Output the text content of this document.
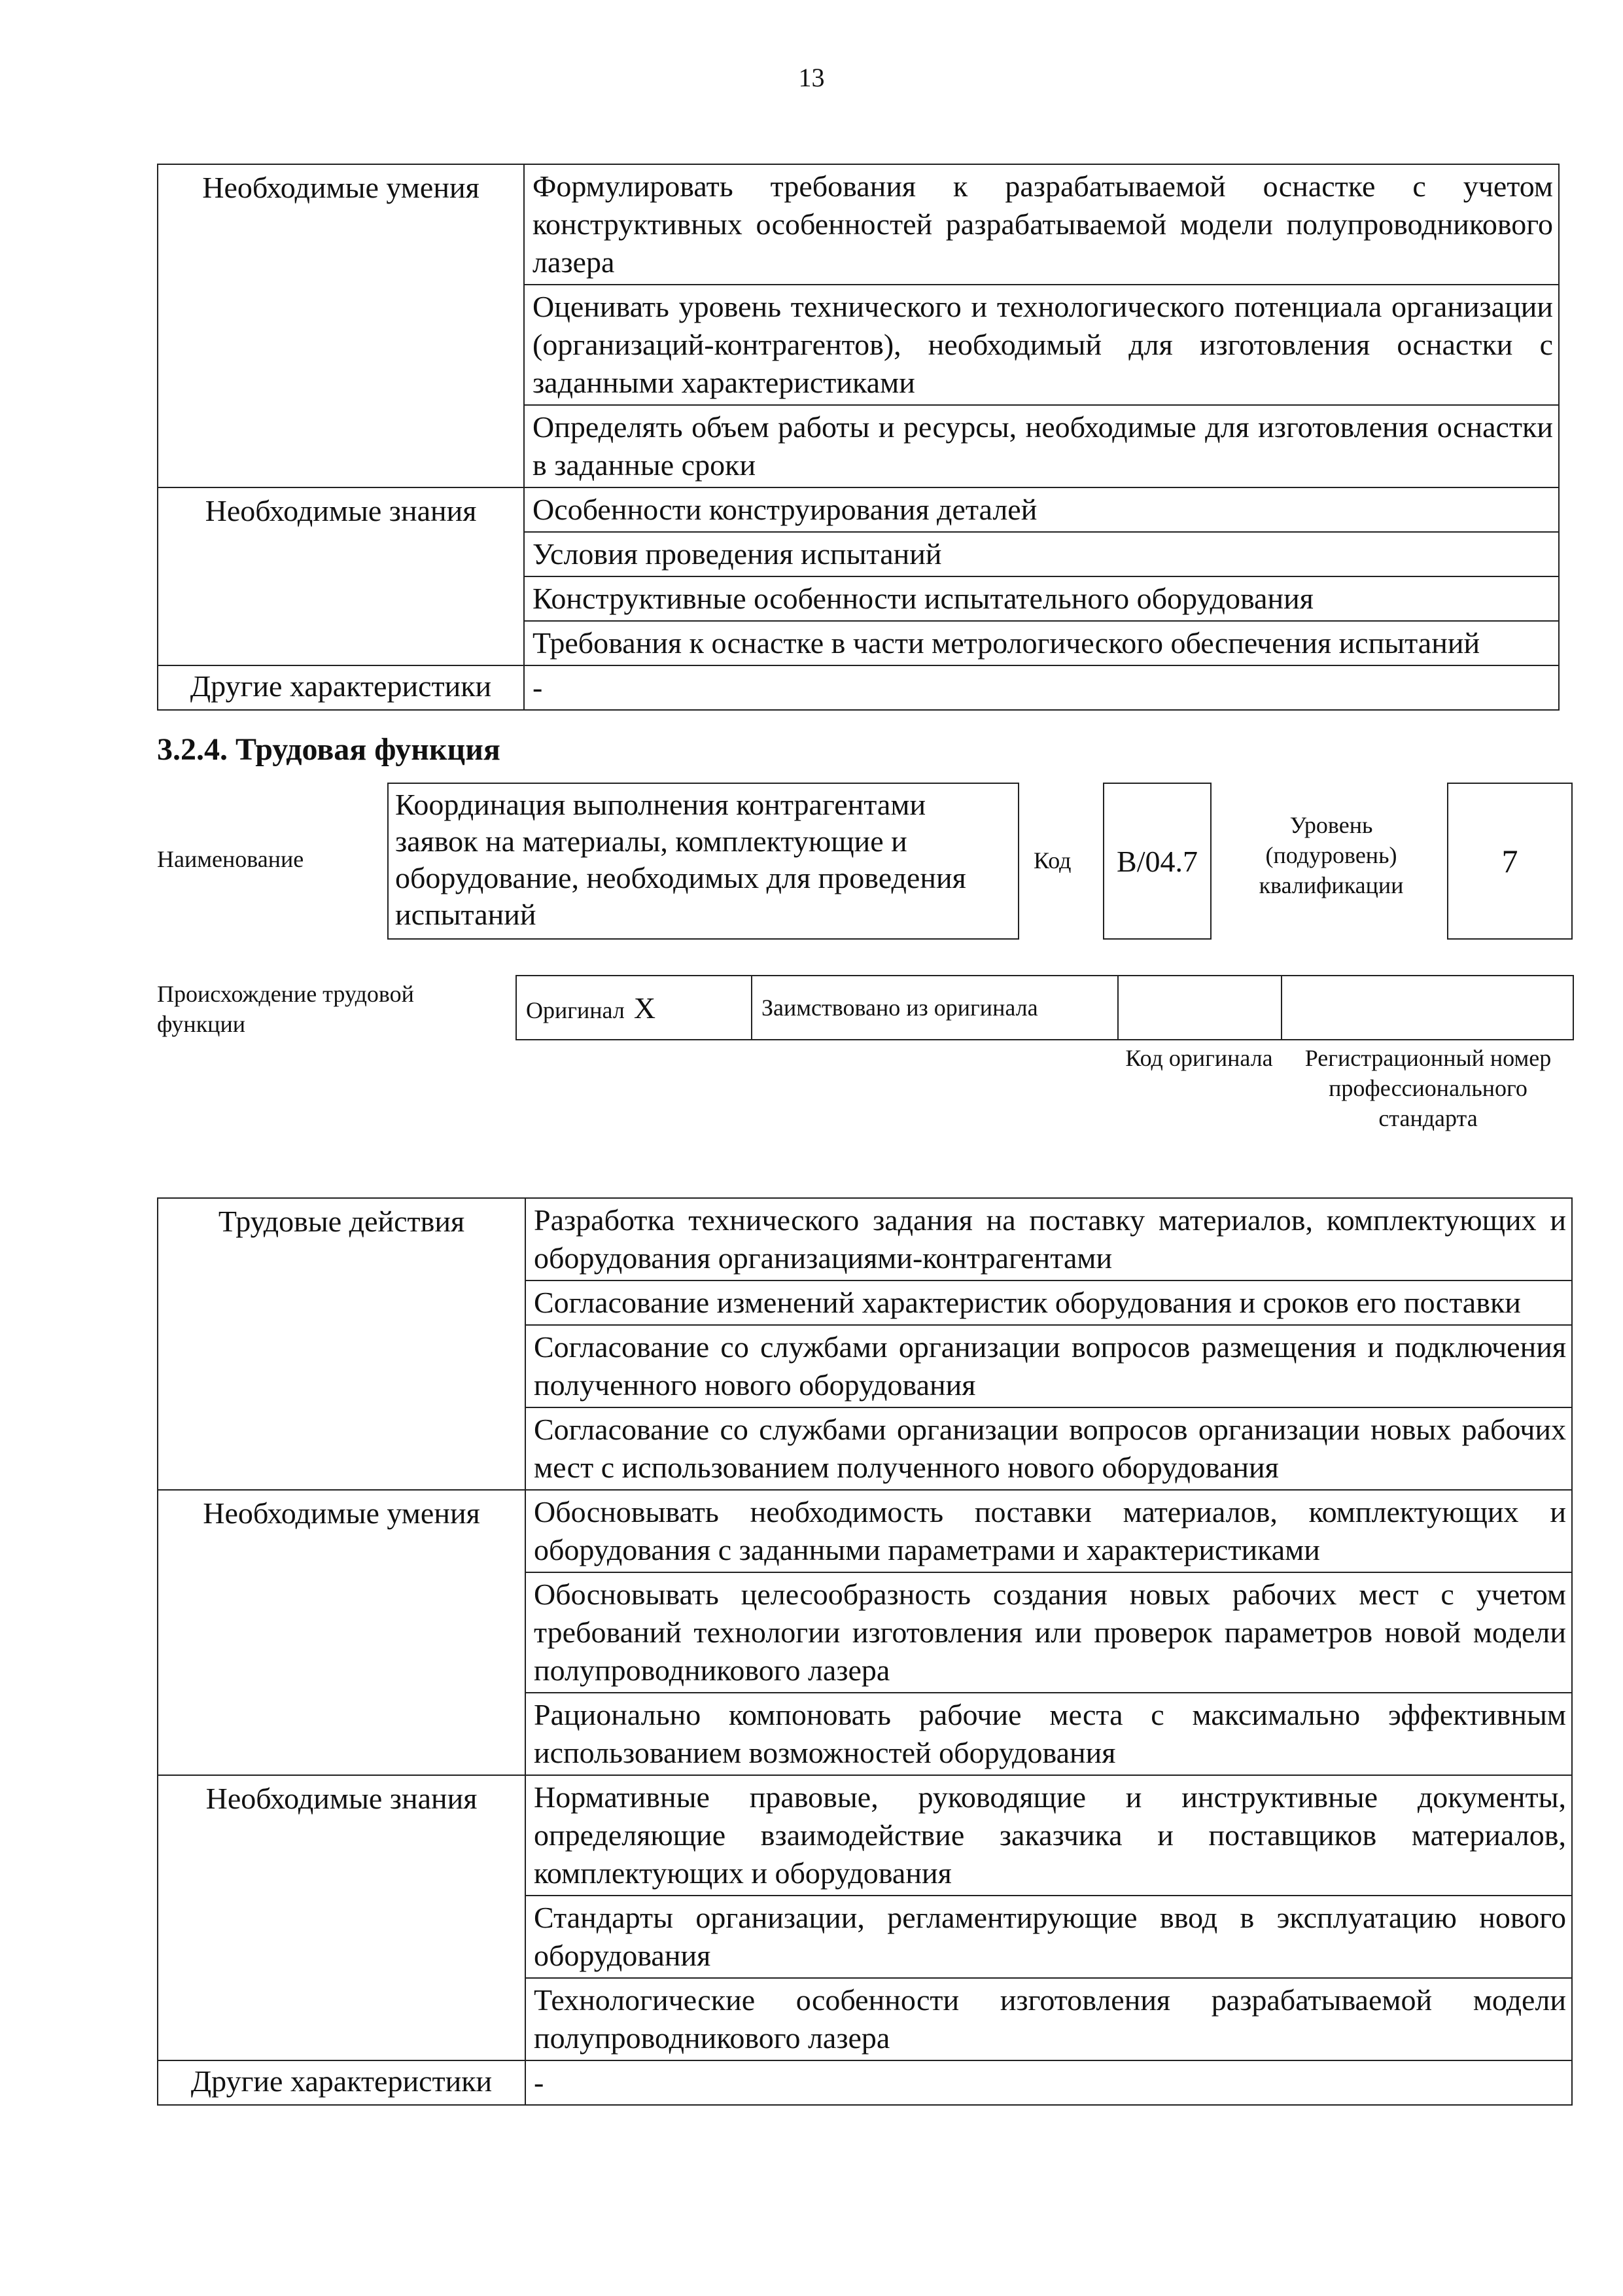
13
Необходимые умения	Формулировать требования к разрабатываемой оснастке с учетом конструктивных особенностей разрабатываемой модели полупроводникового лазера
	Оценивать уровень технического и технологического потенциала организации (организаций-контрагентов), необходимый для изготовления оснастки с заданными характеристиками
	Определять объем работы и ресурсы, необходимые для изготовления оснастки в заданные сроки
Необходимые знания	Особенности конструирования деталей
	Условия проведения испытаний
	Конструктивные особенности испытательного оборудования
	Требования к оснастке в части метрологического обеспечения испытаний
Другие характеристики	-
3.2.4. Трудовая функция
Наименование
Координация выполнения контрагентами заявок на материалы, комплектующие и оборудование, необходимых для проведения испытаний
Код B/04.7
Уровень (подуровень) квалификации
7
Происхождение трудовой функции
Оригинал X	Заимствовано из оригинала		
Код оригинала	Регистрационный номер профессионального стандарта
Трудовые действия	Разработка технического задания на поставку материалов, комплектующих и оборудования организациями-контрагентами
	Согласование изменений характеристик оборудования и сроков его поставки
	Согласование со службами организации вопросов размещения и подключения полученного нового оборудования
	Согласование со службами организации вопросов организации новых рабочих мест с использованием полученного нового оборудования
Необходимые умения	Обосновывать необходимость поставки материалов, комплектующих и оборудования с заданными параметрами и характеристиками
	Обосновывать целесообразность создания новых рабочих мест с учетом требований технологии изготовления или проверок параметров новой модели полупроводникового лазера
	Рационально компоновать рабочие места с максимально эффективным использованием возможностей оборудования
Необходимые знания	Нормативные правовые, руководящие и инструктивные документы, определяющие взаимодействие заказчика и поставщиков материалов, комплектующих и оборудования
	Стандарты организации, регламентирующие ввод в эксплуатацию нового оборудования
	Технологические особенности изготовления разрабатываемой модели полупроводникового лазера
Другие характеристики	-
